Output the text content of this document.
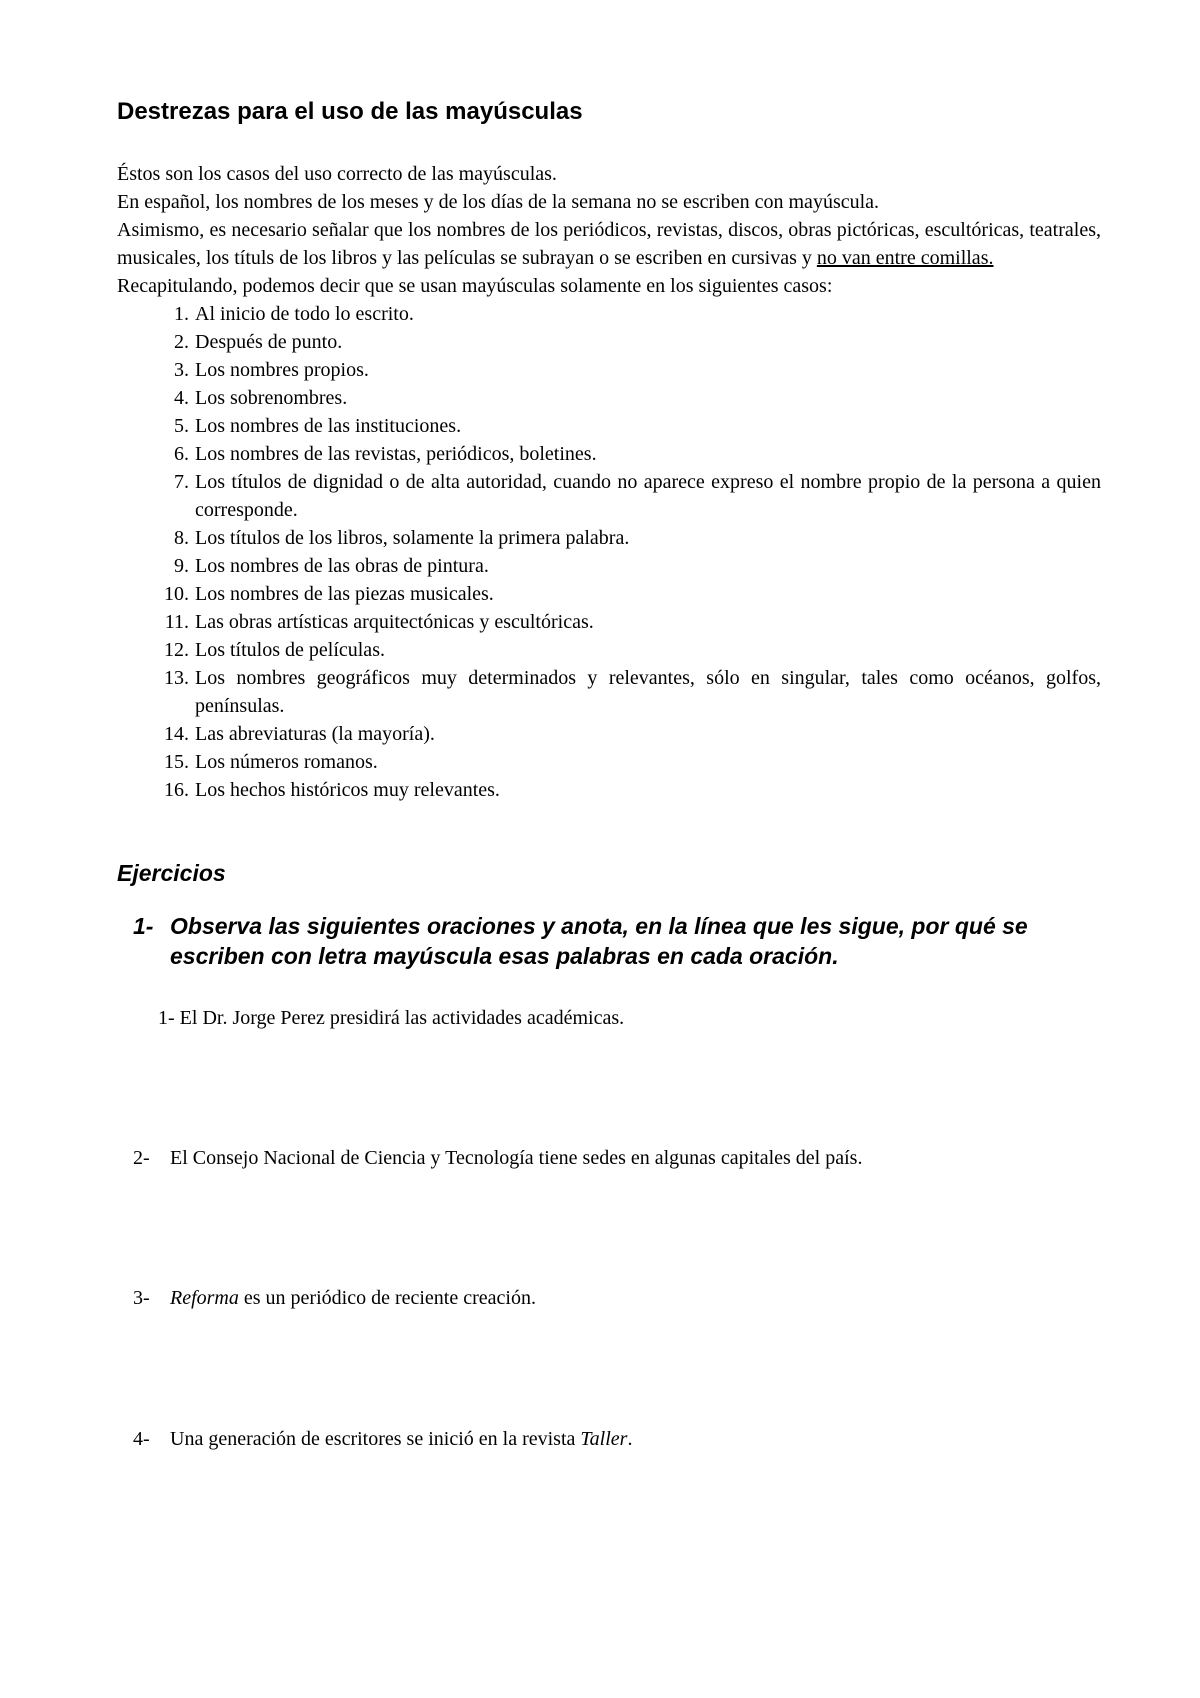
Destrezas para el uso de las mayúsculas

Éstos son los casos del uso correcto de las mayúsculas.

En español, los nombres de los meses y de los días de la semana no se escriben con mayúscula.

Asimismo, es necesario señalar que los nombres de los periódicos, revistas, discos, obras pictóricas, escultóricas, teatrales, musicales, los títuls de los libros y las películas se subrayan o se escriben en cursivas y no van entre comillas.

Recapitulando, podemos decir que se usan mayúsculas solamente en los siguientes casos:

1. Al inicio de todo lo escrito.
2. Después de punto.
3. Los nombres propios.
4. Los sobrenombres.
5. Los nombres de las instituciones.
6. Los nombres de las revistas, periódicos, boletines.
7. Los títulos de dignidad o de alta autoridad, cuando no aparece expreso el nombre propio de la persona a quien corresponde.
8. Los títulos de los libros, solamente la primera palabra.
9. Los nombres de las obras de pintura.
10. Los nombres de las piezas musicales.
11. Las obras artísticas arquitectónicas y escultóricas.
12. Los títulos de películas.
13. Los nombres geográficos muy determinados y relevantes, sólo en singular, tales como océanos, golfos, penínsulas.
14. Las abreviaturas (la mayoría).
15. Los números romanos.
16. Los hechos históricos muy relevantes.
Ejercicios
1- Observa las siguientes oraciones y anota, en la línea que les sigue, por qué se escriben con letra mayúscula esas palabras en cada oración.
1- El Dr. Jorge Perez presidirá las actividades académicas.
2- El Consejo Nacional de Ciencia y Tecnología tiene sedes en algunas capitales del país.
3- Reforma es un periódico de reciente creación.
4- Una generación de escritores se inició en la revista Taller.
